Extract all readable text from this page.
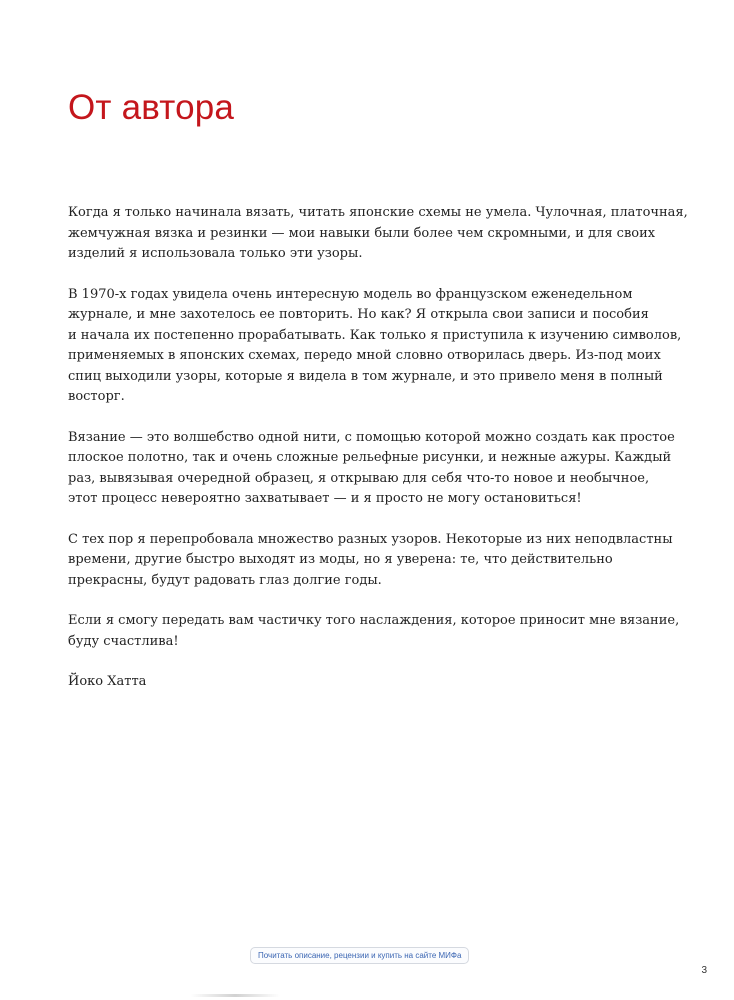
От автора

Когда я только начинала вязать, читать японские схемы не умела. Чулочная, платочная,
жемчужная вязка и резинки — мои навыки были более чем скромными, и для своих
изделий я использовала только эти узоры.

В 1970-х годах увидела очень интересную модель во французском еженедельном
журнале, и мне захотелось ее повторить. Но как? Я открыла свои записи и пособия
и начала их постепенно прорабатывать. Как только я приступила к изучению символов,
применяемых в японских схемах, передо мной словно отворилась дверь. Из-под моих
спиц выходили узоры, которые я видела в том журнале, и это привело меня в полный
восторг.

Вязание — это волшебство одной нити, с помощью которой можно создать как простое
плоское полотно, так и очень сложные рельефные рисунки, и нежные ажуры. Каждый
раз, вывязывая очередной образец, я открываю для себя что-то новое и необычное,
этот процесс невероятно захватывает — и я просто не могу остановиться!

С тех пор я перепробовала множество разных узоров. Некоторые из них неподвластны
времени, другие быстро выходят из моды, но я уверена: те, что действительно
прекрасны, будут радовать глаз долгие годы.

Если я смогу передать вам частичку того наслаждения, которое приносит мне вязание,
буду счастлива!

Йоко Хатта

Почитать описание, рецензии и купить на сайте МИФа
3
